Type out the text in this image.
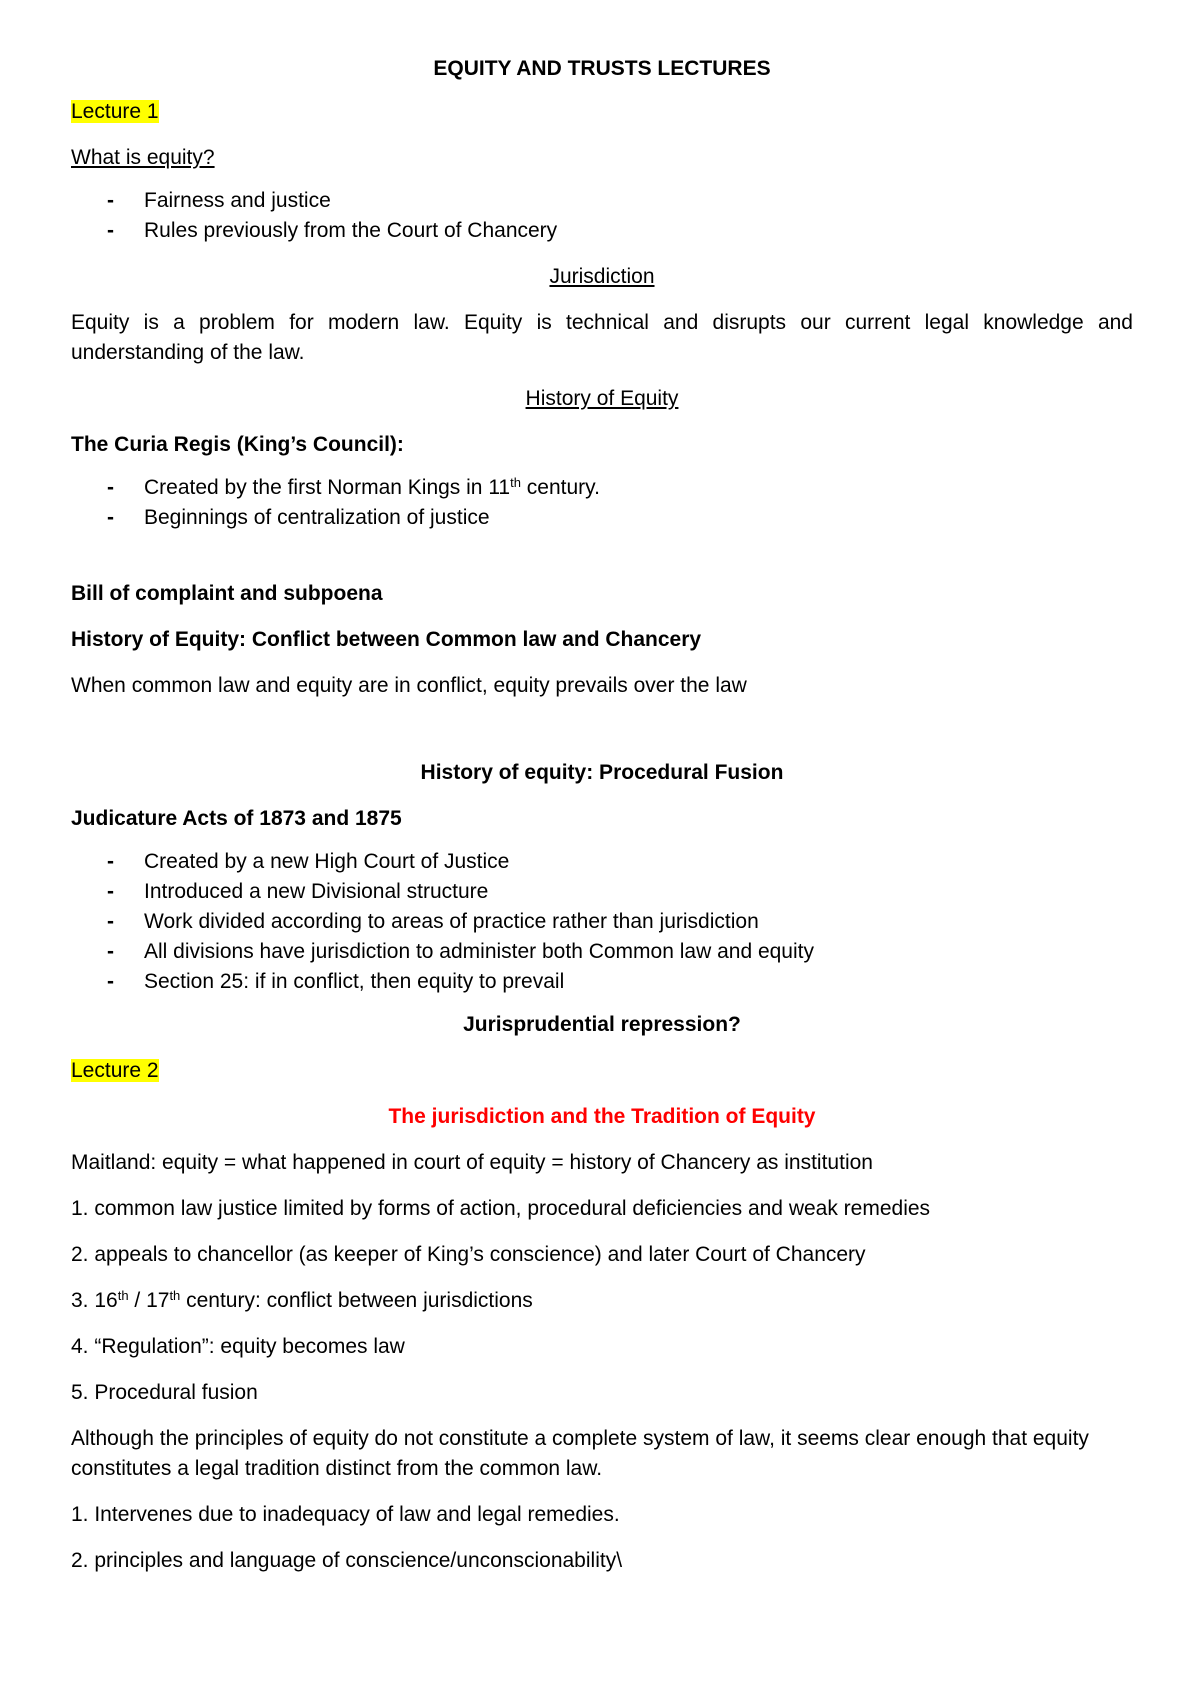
EQUITY AND TRUSTS LECTURES

Lecture 1

What is equity?

- Fairness and justice
- Rules previously from the Court of Chancery

Jurisdiction

Equity is a problem for modern law. Equity is technical and disrupts our current legal knowledge and understanding of the law.

History of Equity

The Curia Regis (King’s Council):

- Created by the first Norman Kings in 11th century.
- Beginnings of centralization of justice

Bill of complaint and subpoena

History of Equity: Conflict between Common law and Chancery

When common law and equity are in conflict, equity prevails over the law

History of equity: Procedural Fusion

Judicature Acts of 1873 and 1875

- Created by a new High Court of Justice
- Introduced a new Divisional structure
- Work divided according to areas of practice rather than jurisdiction
- All divisions have jurisdiction to administer both Common law and equity
- Section 25: if in conflict, then equity to prevail

Jurisprudential repression?

Lecture 2

The jurisdiction and the Tradition of Equity

Maitland: equity = what happened in court of equity = history of Chancery as institution

1. common law justice limited by forms of action, procedural deficiencies and weak remedies

2. appeals to chancellor (as keeper of King’s conscience) and later Court of Chancery

3. 16th / 17th century: conflict between jurisdictions

4. “Regulation”: equity becomes law

5. Procedural fusion

Although the principles of equity do not constitute a complete system of law, it seems clear enough that equity constitutes a legal tradition distinct from the common law.

1. Intervenes due to inadequacy of law and legal remedies.

2. principles and language of conscience/unconscionability\
